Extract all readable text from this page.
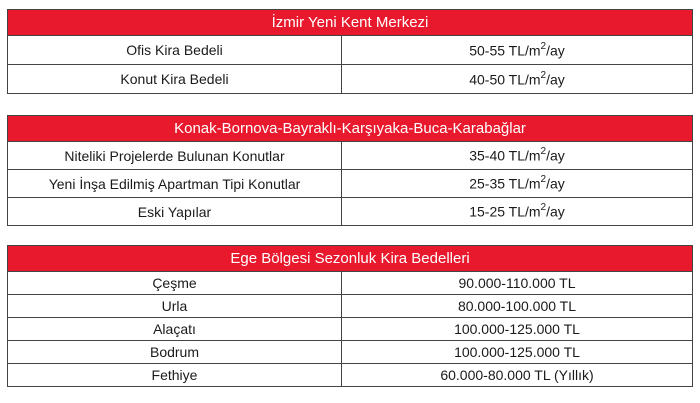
İzmir Yeni Kent Merkezi	
Ofis Kira Bedeli	50-55 $TL/m^2/ay$
Konut Kira Bedeli	40-50 $TL/m^2/ay$
Konak-Bornova-Bayraklı-Karşıyaka-Buca-Karabağlar	
Niteliki Projelerde Bulunan Konutlar	35-40 $TL/m^2/ay$
Yeni İnşa Edilmiş Apartman Tipi Konutlar	25-35 $TL/m^2/ay$
Eski Yapılar	15-25 $TL/m^2/ay$
Ege Bölgesi Sezonluk Kira Bedelleri	
Çeşme	90.000-110.000 TL
Urla	80.000-100.000 TL
Alaçatı	100.000-125.000 TL
Bodrum	100.000-125.000 TL
Fethiye	60.000-80.000 TL (Yıllık)
